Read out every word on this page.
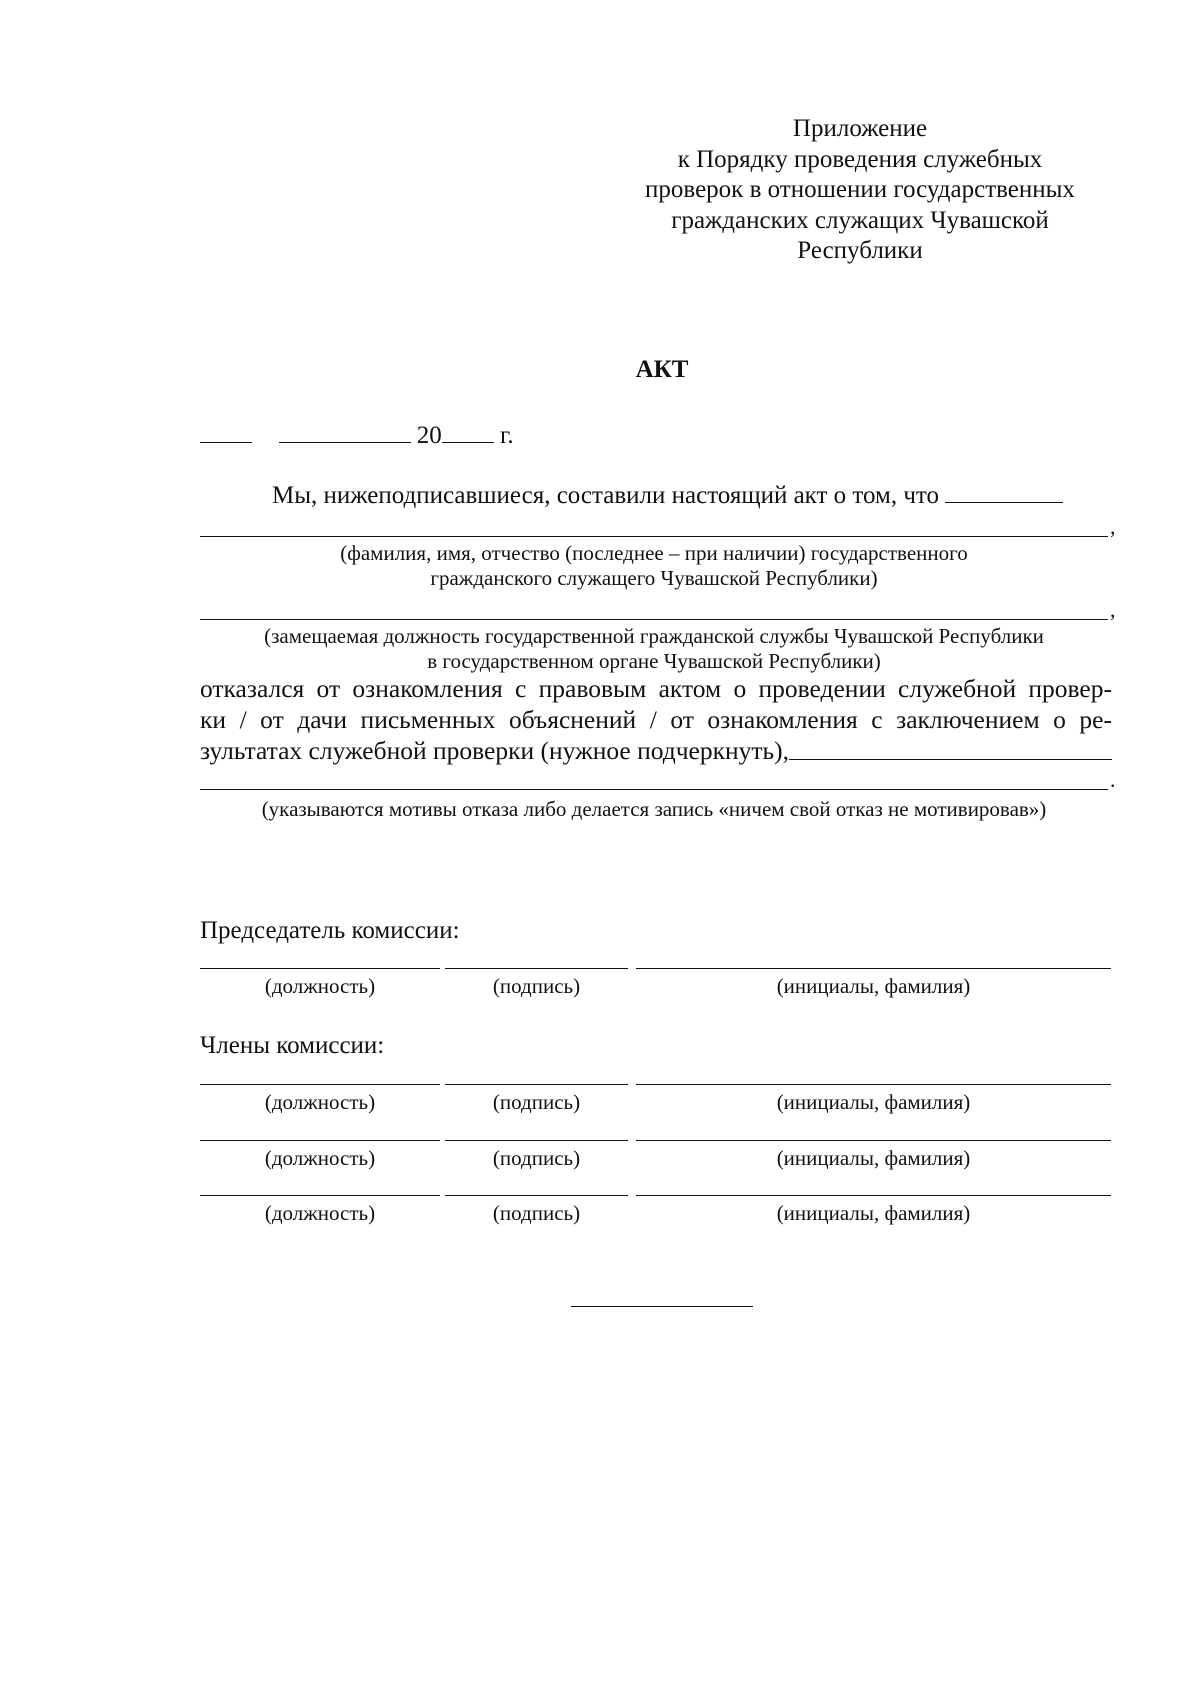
Приложение
к Порядку проведения служебных
проверок в отношении государственных
гражданских служащих Чувашской
Республики
АКТ
20 г.
Мы, нижеподписавшиеся, составили настоящий акт о том, что
,
(фамилия, имя, отчество (последнее – при наличии) государственного
гражданского служащего Чувашской Республики)
,
(замещаемая должность государственной гражданской службы Чувашской Республики
в государственном органе Чувашской Республики)
отказался от ознакомления с правовым актом о проведении служебной провер-
ки / от дачи письменных объяснений / от ознакомления с заключением о ре-
зультатах служебной проверки (нужное подчеркнуть),
.
(указываются мотивы отказа либо делается запись «ничем свой отказ не мотивировав»)
Председатель комиссии:
(должность)	(подпись)	(инициалы, фамилия)
Члены комиссии:
(должность)	(подпись)	(инициалы, фамилия)
(должность)	(подпись)	(инициалы, фамилия)
(должность)	(подпись)	(инициалы, фамилия)
